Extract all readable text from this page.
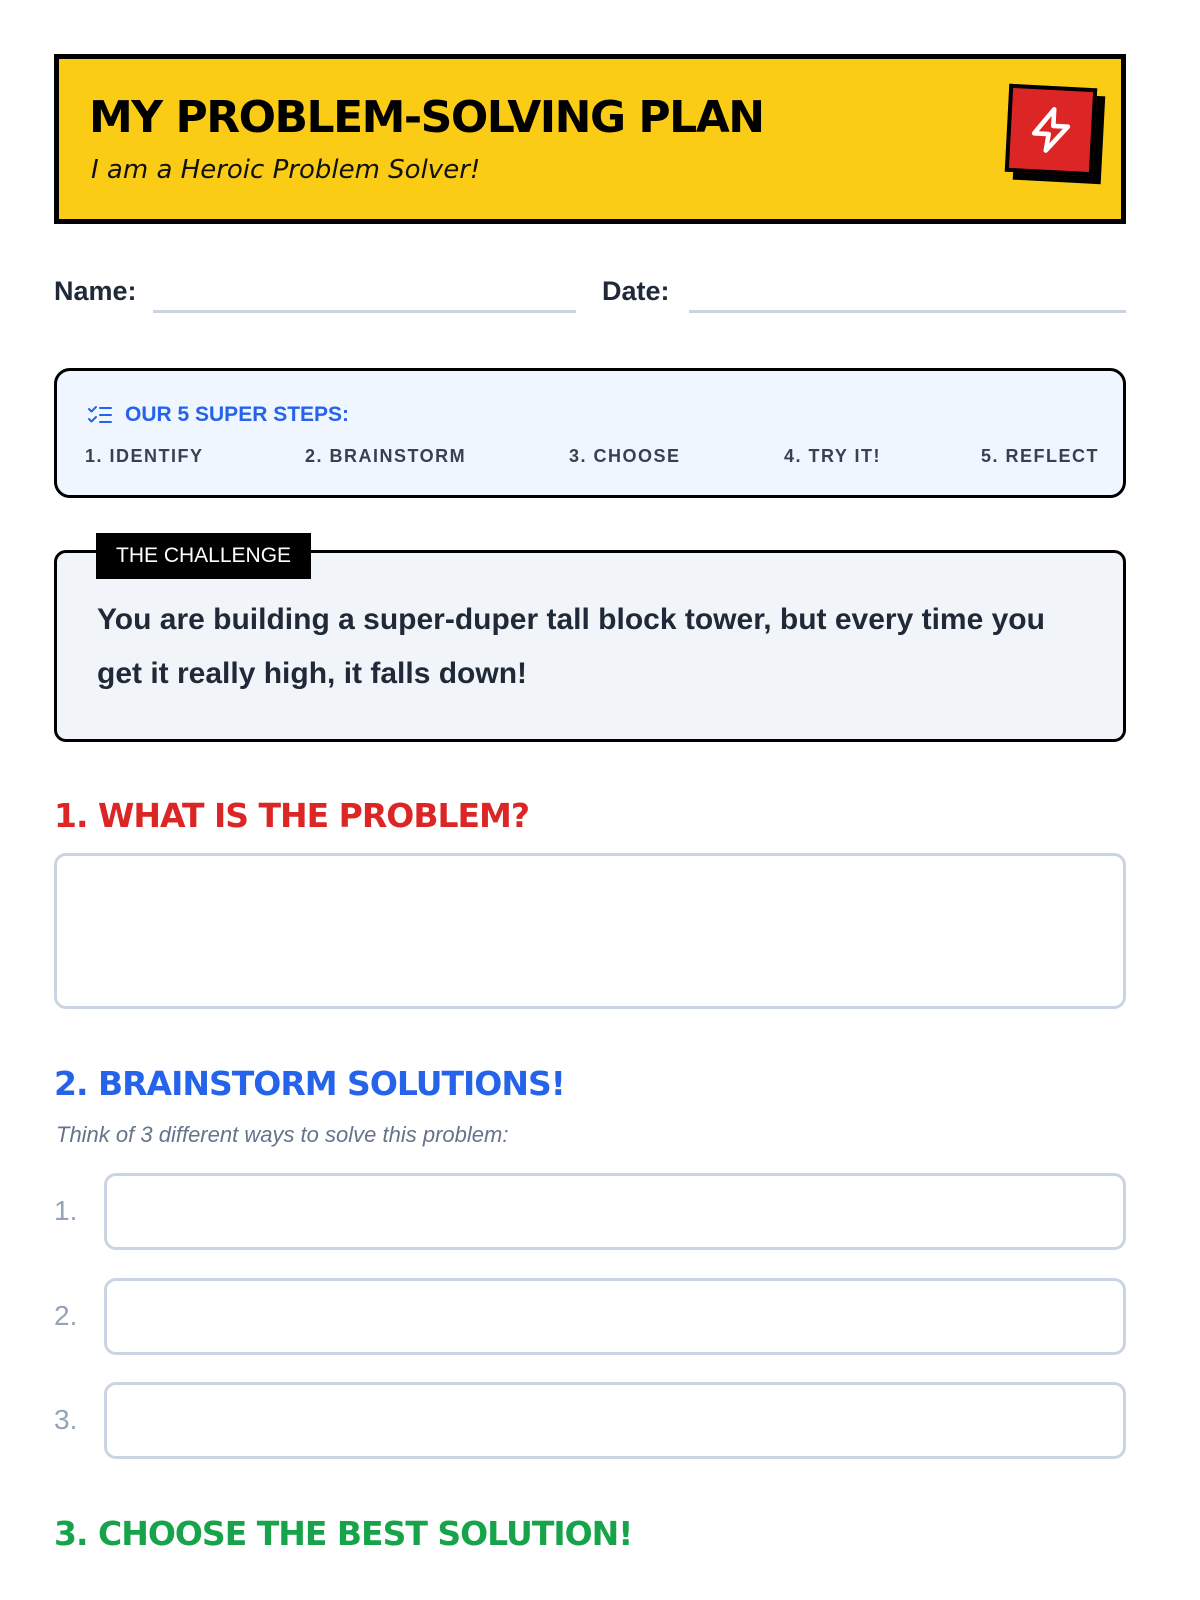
MY PROBLEM-SOLVING PLAN
I am a Heroic Problem Solver!
Name:	Date:
OUR 5 SUPER STEPS:
1. IDENTIFY	2. BRAINSTORM	3. CHOOSE	4. TRY IT!	5. REFLECT
You are building a super-duper tall block tower, but every time you get it really high, it falls down!
THE CHALLENGE
1. WHAT IS THE PROBLEM?
2. BRAINSTORM SOLUTIONS!
Think of 3 different ways to solve this problem:
1.
2.
3.
3. CHOOSE THE BEST SOLUTION!
